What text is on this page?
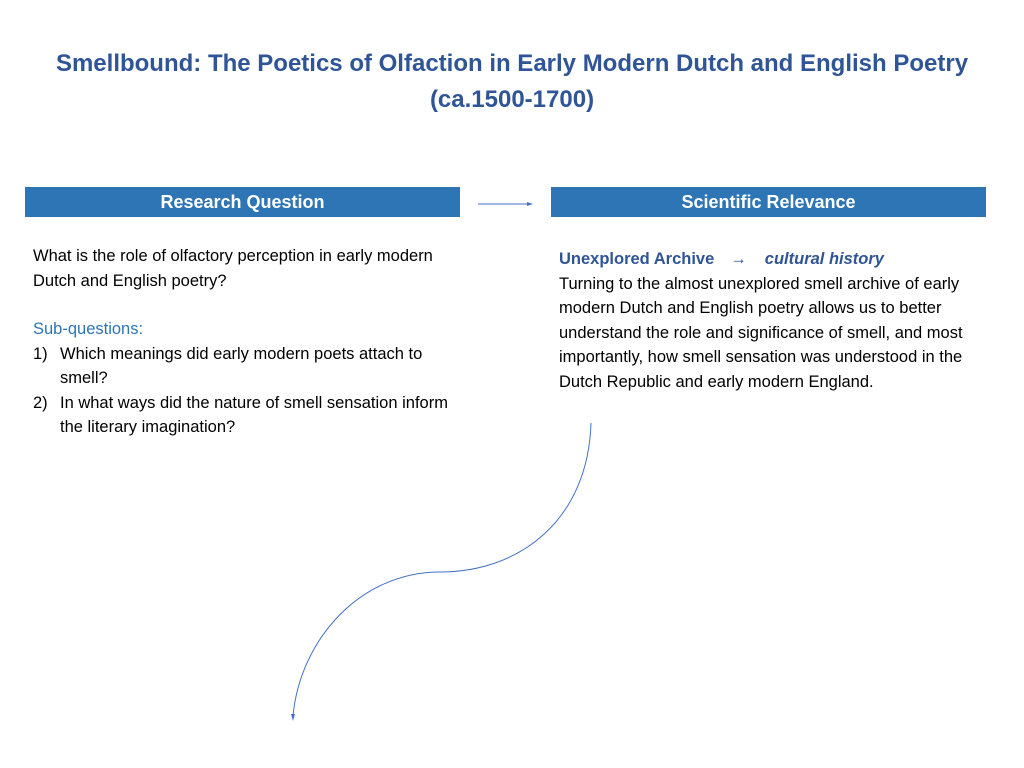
Smellbound: The Poetics of Olfaction in Early Modern Dutch and English Poetry
(ca.1500-1700)
Research Question	Scientific Relevance
What is the role of olfactory perception in early modern Dutch and English poetry?
Sub-questions:
1) Which meanings did early modern poets attach to smell?
2) In what ways did the nature of smell sensation inform the literary imagination?
Unexplored Archive → cultural history
Turning to the almost unexplored smell archive of early modern Dutch and English poetry allows us to better understand the role and significance of smell, and most importantly, how smell sensation was understood in the Dutch Republic and early modern England.
